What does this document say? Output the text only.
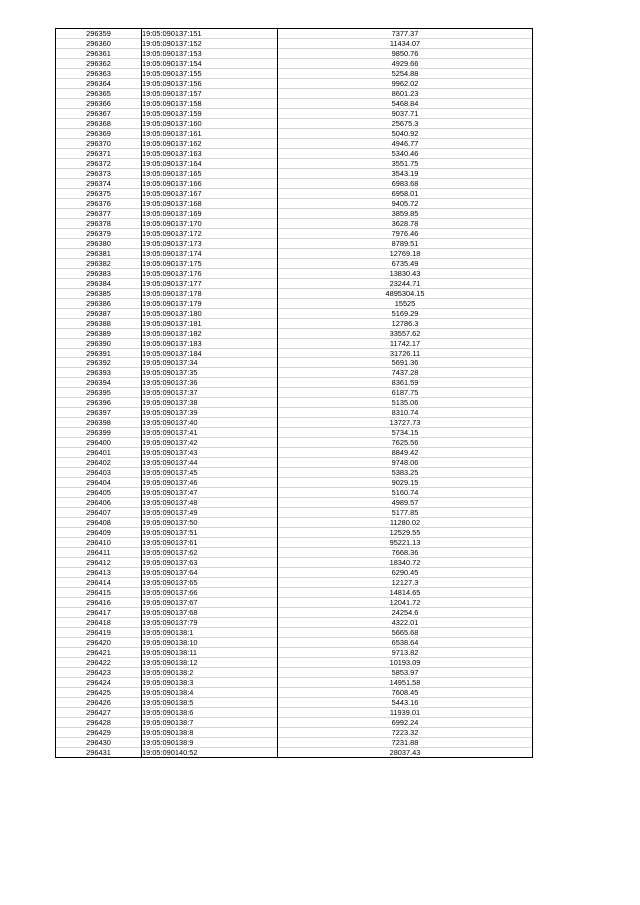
296359	19:05:090137:151	7377.37
296360	19:05:090137:152	11434.07
296361	19:05:090137:153	9850.76
296362	19:05:090137:154	4929.66
296363	19:05:090137:155	5254.88
296364	19:05:090137:156	9962.02
296365	19:05:090137:157	8601.23
296366	19:05:090137:158	5468.84
296367	19:05:090137:159	9037.71
296368	19:05:090137:160	25675.3
296369	19:05:090137:161	5040.92
296370	19:05:090137:162	4946.77
296371	19:05:090137:163	5340.46
296372	19:05:090137:164	3551.75
296373	19:05:090137:165	3543.19
296374	19:05:090137:166	6983.68
296375	19:05:090137:167	6958.01
296376	19:05:090137:168	9405.72
296377	19:05:090137:169	3859.85
296378	19:05:090137:170	3628.78
296379	19:05:090137:172	7976.46
296380	19:05:090137:173	8789.51
296381	19:05:090137:174	12769.18
296382	19:05:090137:175	6735.49
296383	19:05:090137:176	13830.43
296384	19:05:090137:177	23244.71
296385	19:05:090137:178	4895304.15
296386	19:05:090137:179	15525
296387	19:05:090137:180	5169.29
296388	19:05:090137:181	12786.3
296389	19:05:090137:182	33557.62
296390	19:05:090137:183	11742.17
296391	19:05:090137:184	31726.11
296392	19:05:090137:34	5691.36
296393	19:05:090137:35	7437.28
296394	19:05:090137:36	8361.59
296395	19:05:090137:37	6187.75
296396	19:05:090137:38	5135.06
296397	19:05:090137:39	8310.74
296398	19:05:090137:40	13727.73
296399	19:05:090137:41	5734.15
296400	19:05:090137:42	7625.56
296401	19:05:090137:43	8849.42
296402	19:05:090137:44	9748.06
296403	19:05:090137:45	5383.25
296404	19:05:090137:46	9029.15
296405	19:05:090137:47	5160.74
296406	19:05:090137:48	4989.57
296407	19:05:090137:49	5177.85
296408	19:05:090137:50	11280.02
296409	19:05:090137:51	12529.55
296410	19:05:090137:61	95221.13
296411	19:05:090137:62	7668.36
296412	19:05:090137:63	18340.72
296413	19:05:090137:64	6290.45
296414	19:05:090137:65	12127.3
296415	19:05:090137:66	14814.65
296416	19:05:090137:67	12041.72
296417	19:05:090137:68	24254.6
296418	19:05:090137:79	4322.01
296419	19:05:090138:1	5665.68
296420	19:05:090138:10	6538.64
296421	19:05:090138:11	9713.82
296422	19:05:090138:12	10193.09
296423	19:05:090138:2	5853.97
296424	19:05:090138:3	14951.58
296425	19:05:090138:4	7608.45
296426	19:05:090138:5	5443.16
296427	19:05:090138:6	11939.01
296428	19:05:090138:7	6992.24
296429	19:05:090138:8	7223.32
296430	19:05:090138:9	7231.88
296431	19:05:090140:52	28037.43
